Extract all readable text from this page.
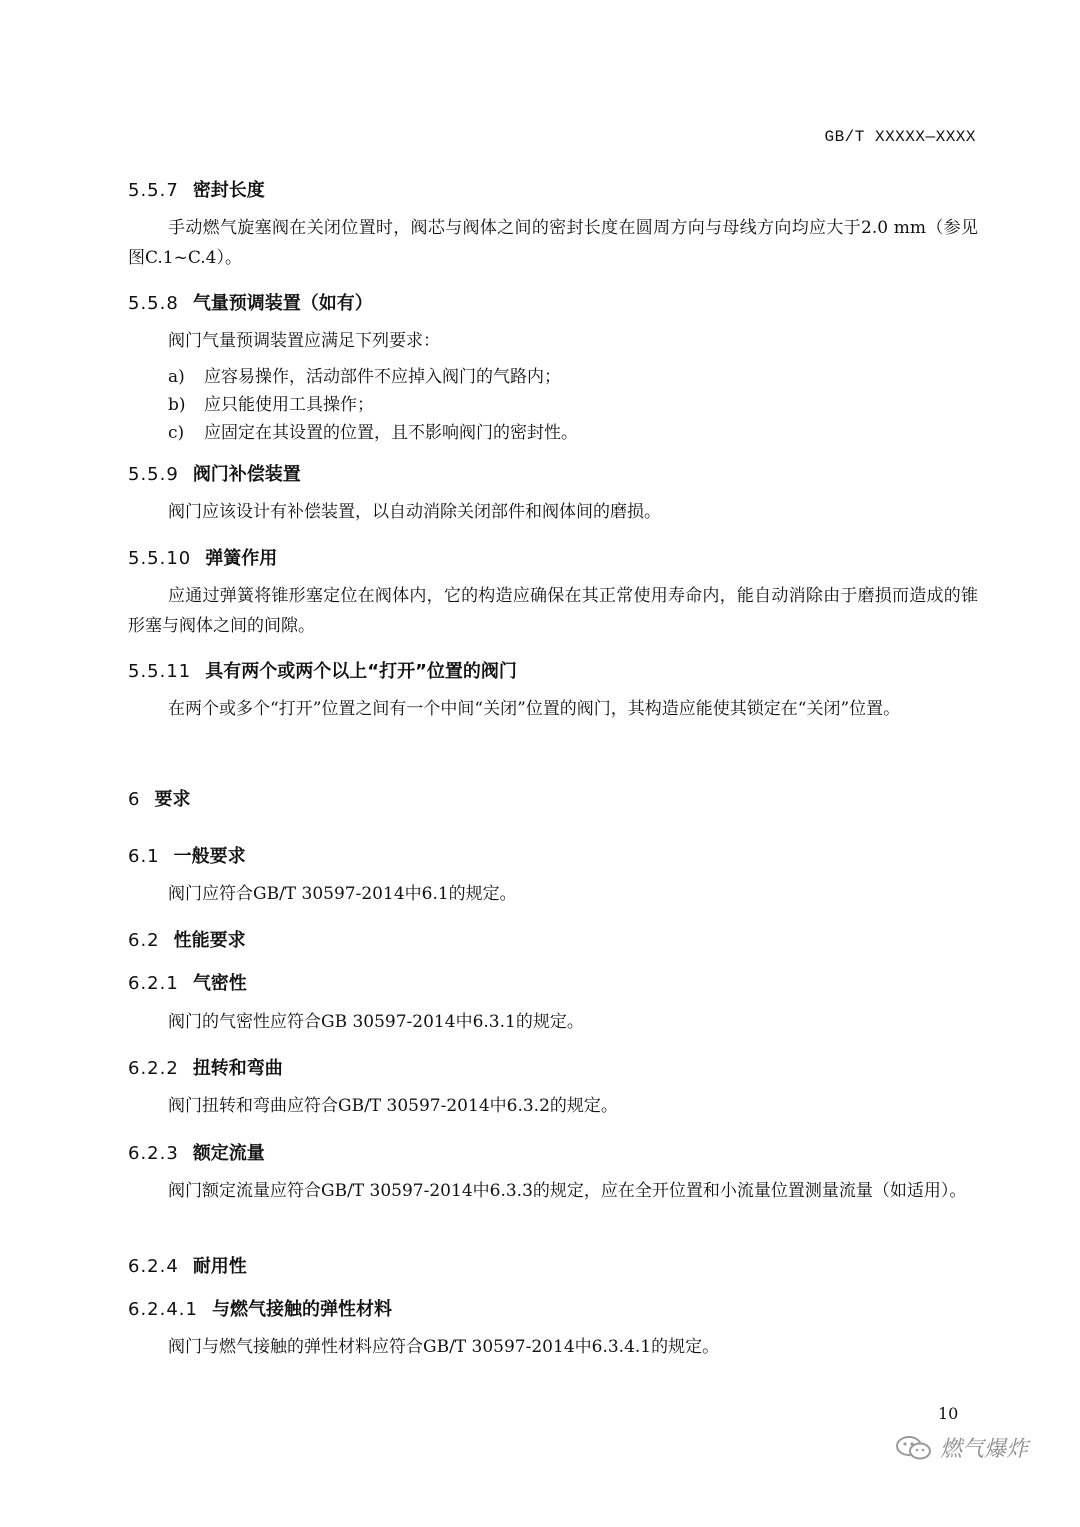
GB/T XXXXX—XXXX
5.5.7 密封长度
手动燃气旋塞阀在关闭位置时，阀芯与阀体之间的密封长度在圆周方向与母线方向均应大于2.0 mm（参见图C.1~C.4）。
5.5.8 气量预调装置（如有）
阀门气量预调装置应满足下列要求：
a) 应容易操作，活动部件不应掉入阀门的气路内；
b) 应只能使用工具操作；
c) 应固定在其设置的位置，且不影响阀门的密封性。
5.5.9 阀门补偿装置
阀门应该设计有补偿装置，以自动消除关闭部件和阀体间的磨损。
5.5.10 弹簧作用
应通过弹簧将锥形塞定位在阀体内，它的构造应确保在其正常使用寿命内，能自动消除由于磨损而造成的锥形塞与阀体之间的间隙。
5.5.11 具有两个或两个以上“打开”位置的阀门
在两个或多个“打开”位置之间有一个中间“关闭”位置的阀门，其构造应能使其锁定在“关闭”位置。
6 要求
6.1 一般要求
阀门应符合GB/T 30597-2014中6.1的规定。
6.2 性能要求
6.2.1 气密性
阀门的气密性应符合GB 30597-2014中6.3.1的规定。
6.2.2 扭转和弯曲
阀门扭转和弯曲应符合GB/T 30597-2014中6.3.2的规定。
6.2.3 额定流量
阀门额定流量应符合GB/T 30597-2014中6.3.3的规定，应在全开位置和小流量位置测量流量（如适用）。
6.2.4 耐用性
6.2.4.1 与燃气接触的弹性材料
阀门与燃气接触的弹性材料应符合GB/T 30597-2014中6.3.4.1的规定。
10
燃气爆炸
